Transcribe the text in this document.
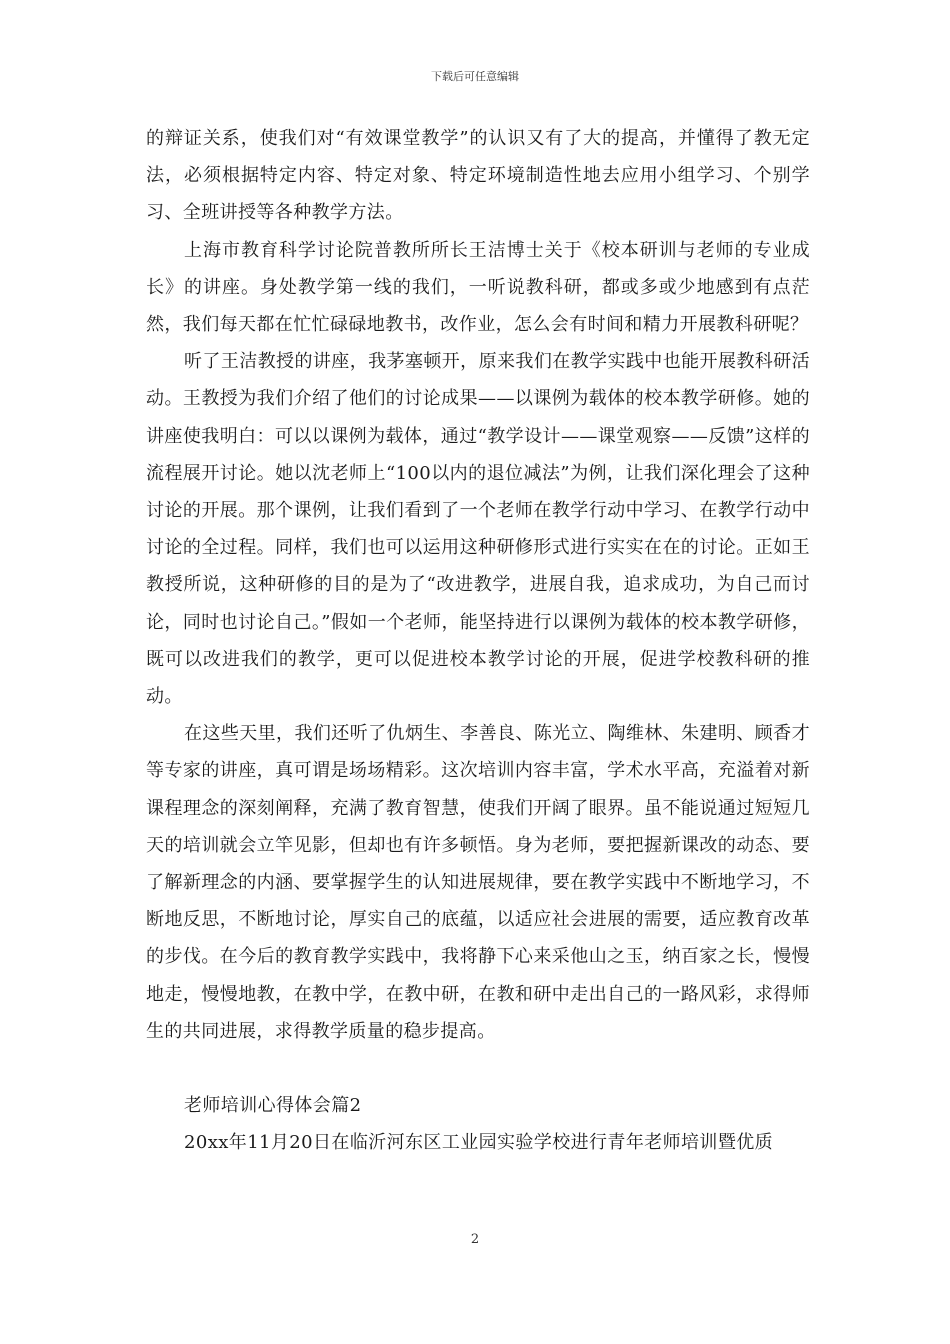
下载后可任意编辑

的辩证关系，使我们对“有效课堂教学”的认识又有了大的提高，并懂得了教无定法，必须根据特定内容、特定对象、特定环境制造性地去应用小组学习、个别学习、全班讲授等各种教学方法。

上海市教育科学讨论院普教所所长王洁博士关于《校本研训与老师的专业成长》的讲座。身处教学第一线的我们，一听说教科研，都或多或少地感到有点茫然，我们每天都在忙忙碌碌地教书，改作业，怎么会有时间和精力开展教科研呢？

听了王洁教授的讲座，我茅塞顿开，原来我们在教学实践中也能开展教科研活动。王教授为我们介绍了他们的讨论成果——以课例为载体的校本教学研修。她的讲座使我明白：可以以课例为载体，通过“教学设计——课堂观察——反馈”这样的流程展开讨论。她以沈老师上“100以内的退位减法”为例，让我们深化理会了这种讨论的开展。那个课例，让我们看到了一个老师在教学行动中学习、在教学行动中讨论的全过程。同样，我们也可以运用这种研修形式进行实实在在的讨论。正如王教授所说，这种研修的目的是为了“改进教学，进展自我，追求成功，为自己而讨论，同时也讨论自己。”假如一个老师，能坚持进行以课例为载体的校本教学研修，既可以改进我们的教学，更可以促进校本教学讨论的开展，促进学校教科研的推动。

在这些天里，我们还听了仇炳生、李善良、陈光立、陶维林、朱建明、顾香才等专家的讲座，真可谓是场场精彩。这次培训内容丰富，学术水平高，充溢着对新课程理念的深刻阐释，充满了教育智慧，使我们开阔了眼界。虽不能说通过短短几天的培训就会立竿见影，但却也有许多顿悟。身为老师，要把握新课改的动态、要了解新理念的内涵、要掌握学生的认知进展规律，要在教学实践中不断地学习，不断地反思，不断地讨论，厚实自己的底蕴，以适应社会进展的需要，适应教育改革的步伐。在今后的教育教学实践中，我将静下心来采他山之玉，纳百家之长，慢慢地走，慢慢地教，在教中学，在教中研，在教和研中走出自己的一路风彩，求得师生的共同进展，求得教学质量的稳步提高。

老师培训心得体会篇2

20xx年11月20日在临沂河东区工业园实验学校进行青年老师培训暨优质

2
